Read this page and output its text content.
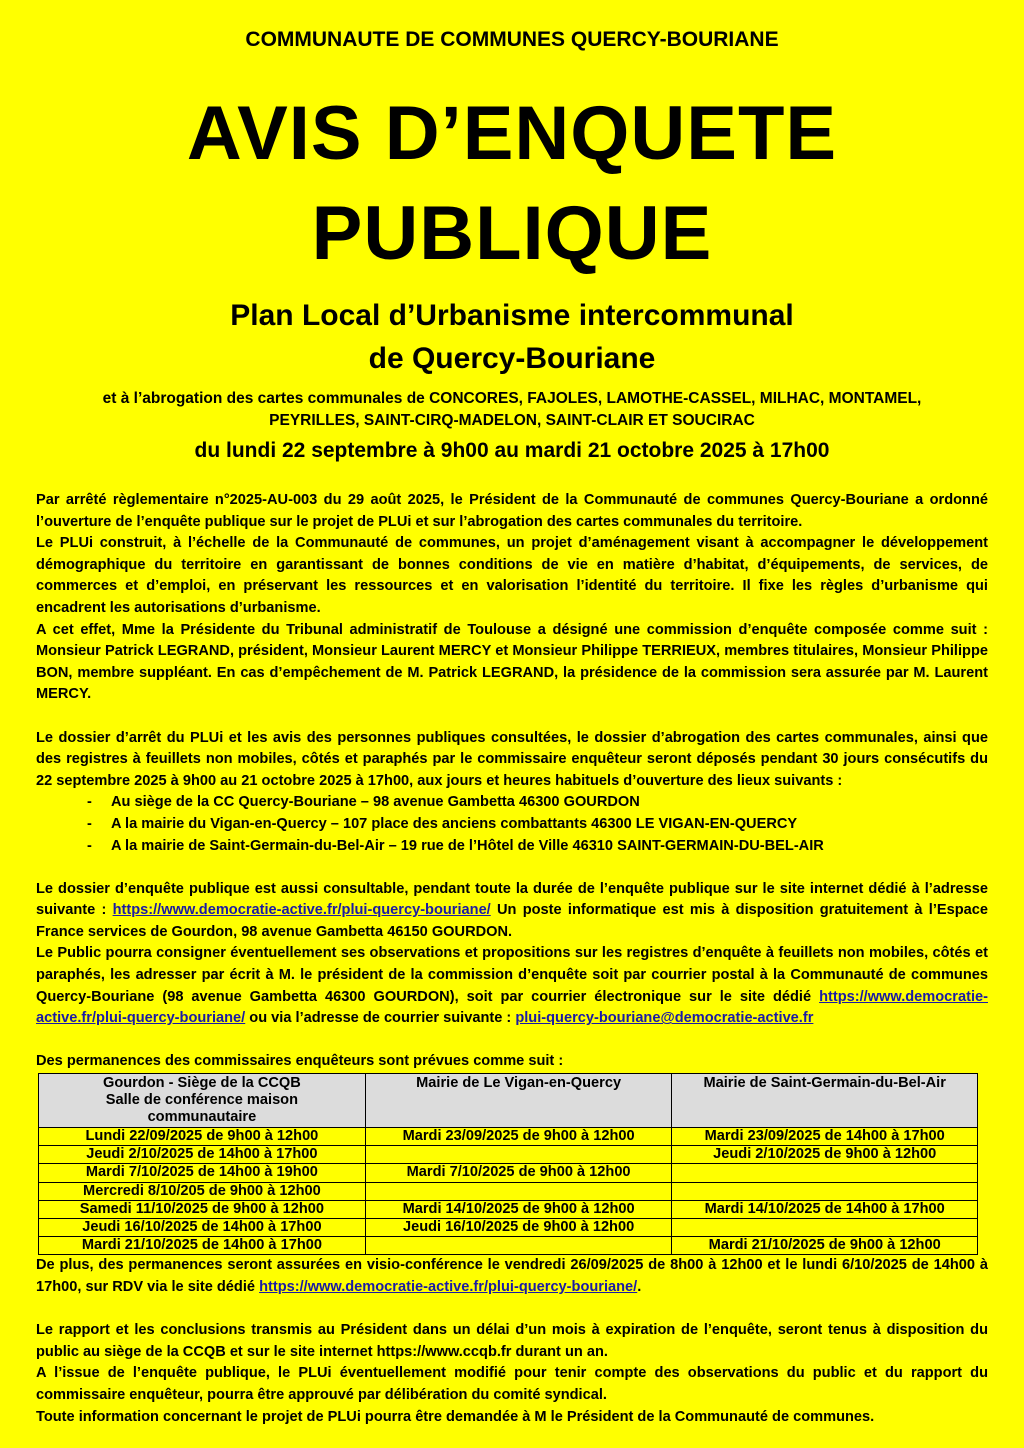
COMMUNAUTE DE COMMUNES QUERCY-BOURIANE
AVIS D’ENQUETE
PUBLIQUE
Plan Local d’Urbanisme intercommunal
de Quercy-Bouriane
et à l’abrogation des cartes communales de CONCORES, FAJOLES, LAMOTHE-CASSEL, MILHAC, MONTAMEL,
PEYRILLES, SAINT-CIRQ-MADELON, SAINT-CLAIR ET SOUCIRAC
du lundi 22 septembre à 9h00 au mardi 21 octobre 2025 à 17h00

Par arrêté règlementaire n°2025-AU-003 du 29 août 2025, le Président de la Communauté de communes Quercy-Bouriane a ordonné l’ouverture de l’enquête publique sur le projet de PLUi et sur l’abrogation des cartes communales du territoire.

Le PLUi construit, à l’échelle de la Communauté de communes, un projet d’aménagement visant à accompagner le développement démographique du territoire en garantissant de bonnes conditions de vie en matière d’habitat, d’équipements, de services, de commerces et d’emploi, en préservant les ressources et en valorisation l’identité du territoire. Il fixe les règles d’urbanisme qui encadrent les autorisations d’urbanisme.

A cet effet, Mme la Présidente du Tribunal administratif de Toulouse a désigné une commission d’enquête composée comme suit : Monsieur Patrick LEGRAND, président, Monsieur Laurent MERCY et Monsieur Philippe TERRIEUX, membres titulaires, Monsieur Philippe BON, membre suppléant. En cas d’empêchement de M. Patrick LEGRAND, la présidence de la commission sera assurée par M. Laurent MERCY.

Le dossier d’arrêt du PLUi et les avis des personnes publiques consultées, le dossier d’abrogation des cartes communales, ainsi que des registres à feuillets non mobiles, côtés et paraphés par le commissaire enquêteur seront déposés pendant 30 jours consécutifs du 22 septembre 2025 à 9h00 au 21 octobre 2025 à 17h00, aux jours et heures habituels d’ouverture des lieux suivants :

- Au siège de la CC Quercy-Bouriane – 98 avenue Gambetta 46300 GOURDON
- A la mairie du Vigan-en-Quercy – 107 place des anciens combattants 46300 LE VIGAN-EN-QUERCY
- A la mairie de Saint-Germain-du-Bel-Air – 19 rue de l’Hôtel de Ville 46310 SAINT-GERMAIN-DU-BEL-AIR

Le dossier d’enquête publique est aussi consultable, pendant toute la durée de l’enquête publique sur le site internet dédié à l’adresse suivante : https://www.democratie-active.fr/plui-quercy-bouriane/ Un poste informatique est mis à disposition gratuitement à l’Espace France services de Gourdon, 98 avenue Gambetta 46150 GOURDON.

Le Public pourra consigner éventuellement ses observations et propositions sur les registres d’enquête à feuillets non mobiles, côtés et paraphés, les adresser par écrit à M. le président de la commission d’enquête soit par courrier postal à la Communauté de communes Quercy-Bouriane (98 avenue Gambetta 46300 GOURDON), soit par courrier électronique sur le site dédié https://www.democratie-active.fr/plui-quercy-bouriane/ ou via l’adresse de courrier suivante : plui-quercy-bouriane@democratie-active.fr

Des permanences des commissaires enquêteurs sont prévues comme suit :

Gourdon - Siège de la CCQB
Salle de conférence maison
communautaire	Mairie de Le Vigan-en-Quercy	Mairie de Saint-Germain-du-Bel-Air

Lundi 22/09/2025 de 9h00 à 12h00	Mardi 23/09/2025 de 9h00 à 12h00	Mardi 23/09/2025 de 14h00 à 17h00
Jeudi 2/10/2025 de 14h00 à 17h00		Jeudi 2/10/2025 de 9h00 à 12h00
Mardi 7/10/2025 de 14h00 à 19h00	Mardi 7/10/2025 de 9h00 à 12h00	
Mercredi 8/10/205 de 9h00 à 12h00		
Samedi 11/10/2025 de 9h00 à 12h00	Mardi 14/10/2025 de 9h00 à 12h00	Mardi 14/10/2025 de 14h00 à 17h00
Jeudi 16/10/2025 de 14h00 à 17h00	Jeudi 16/10/2025 de 9h00 à 12h00	
Mardi 21/10/2025 de 14h00 à 17h00		Mardi 21/10/2025 de 9h00 à 12h00

De plus, des permanences seront assurées en visio-conférence le vendredi 26/09/2025 de 8h00 à 12h00 et le lundi 6/10/2025 de 14h00 à 17h00, sur RDV via le site dédié https://www.democratie-active.fr/plui-quercy-bouriane/.

Le rapport et les conclusions transmis au Président dans un délai d’un mois à expiration de l’enquête, seront tenus à disposition du public au siège de la CCQB et sur le site internet https://www.ccqb.fr durant un an.

A l’issue de l’enquête publique, le PLUi éventuellement modifié pour tenir compte des observations du public et du rapport du commissaire enquêteur, pourra être approuvé par délibération du comité syndical.

Toute information concernant le projet de PLUi pourra être demandée à M le Président de la Communauté de communes.
